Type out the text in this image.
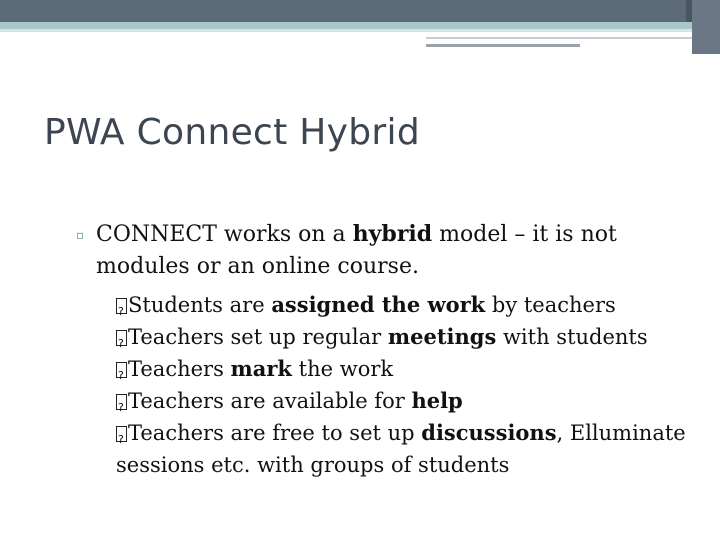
PWA Connect Hybrid
▫ CONNECT works on a hybrid model – it is not modules or an online course.
?Students are assigned the work by teachers
?Teachers set up regular meetings with students
?Teachers mark the work
?Teachers are available for help
?Teachers are free to set up discussions, Elluminate sessions etc. with groups of students
